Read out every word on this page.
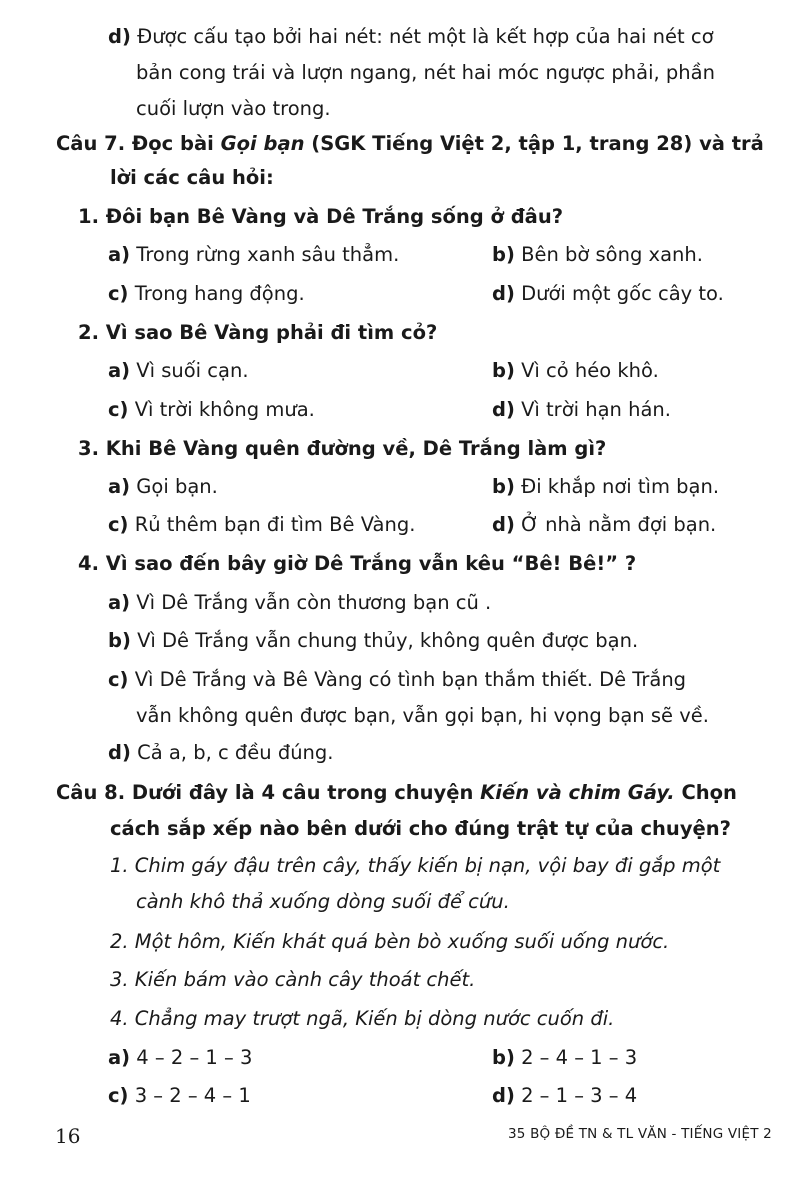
d) Được cấu tạo bởi hai nét: nét một là kết hợp của hai nét cơ
bản cong trái và lượn ngang, nét hai móc ngược phải, phần
cuối lượn vào trong.
Câu 7. Đọc bài Gọi bạn (SGK Tiếng Việt 2, tập 1, trang 28) và trả
lời các câu hỏi:
1. Đôi bạn Bê Vàng và Dê Trắng sống ở đâu?
a) Trong rừng xanh sâu thẳm.	b) Bên bờ sông xanh.
c) Trong hang động.	d) Dưới một gốc cây to.
2. Vì sao Bê Vàng phải đi tìm cỏ?
a) Vì suối cạn.	b) Vì cỏ héo khô.
c) Vì trời không mưa.	d) Vì trời hạn hán.
3. Khi Bê Vàng quên đường về, Dê Trắng làm gì?
a) Gọi bạn.	b) Đi khắp nơi tìm bạn.
c) Rủ thêm bạn đi tìm Bê Vàng.	d) Ở nhà nằm đợi bạn.
4. Vì sao đến bây giờ Dê Trắng vẫn kêu “Bê! Bê!” ?
a) Vì Dê Trắng vẫn còn thương bạn cũ .
b) Vì Dê Trắng vẫn chung thủy, không quên được bạn.
c) Vì Dê Trắng và Bê Vàng có tình bạn thắm thiết. Dê Trắng
vẫn không quên được bạn, vẫn gọi bạn, hi vọng bạn sẽ về.
d) Cả a, b, c đều đúng.
Câu 8. Dưới đây là 4 câu trong chuyện Kiến và chim Gáy. Chọn
cách sắp xếp nào bên dưới cho đúng trật tự của chuyện?
1. Chim gáy đậu trên cây, thấy kiến bị nạn, vội bay đi gắp một
cành khô thả xuống dòng suối để cứu.
2. Một hôm, Kiến khát quá bèn bò xuống suối uống nước.
3. Kiến bám vào cành cây thoát chết.
4. Chẳng may trượt ngã, Kiến bị dòng nước cuốn đi.
a) 4 – 2 – 1 – 3	b) 2 – 4 – 1 – 3
c) 3 – 2 – 4 – 1	d) 2 – 1 – 3 – 4
16	35 BỘ ĐỀ TN & TL VĂN - TIẾNG VIỆT 2
